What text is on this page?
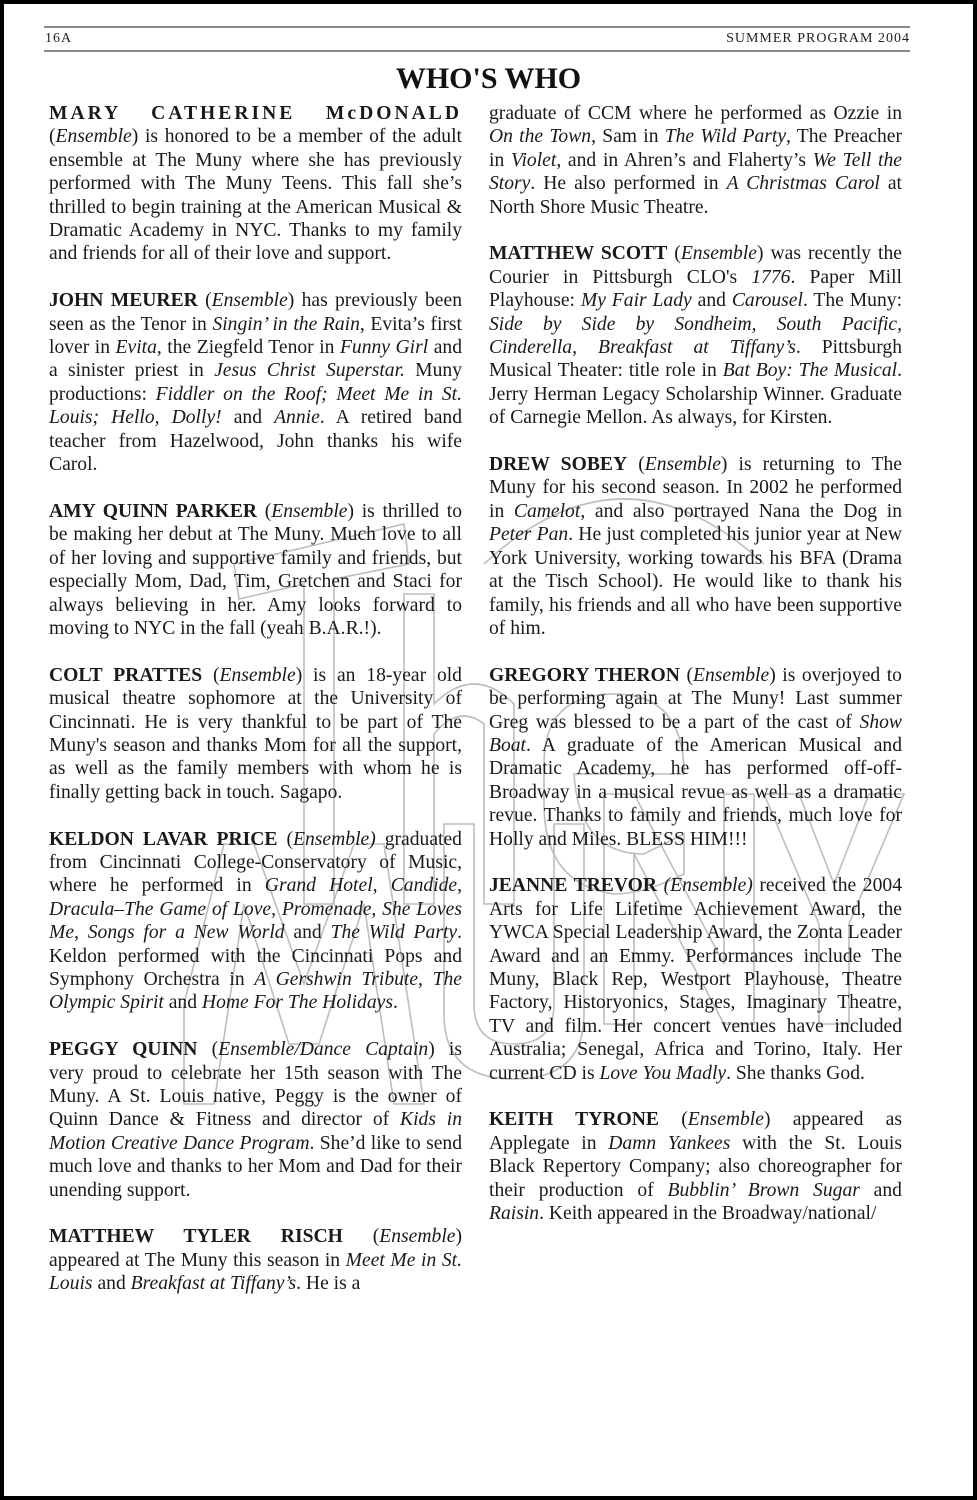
16A	SUMMER PROGRAM 2004
WHO'S WHO

MARY CATHERINE McDONALD (Ensemble) is honored to be a member of the adult ensemble at The Muny where she has previously performed with The Muny Teens. This fall she’s thrilled to begin training at the American Musical & Dramatic Academy in NYC. Thanks to my family and friends for all of their love and support.

JOHN MEURER (Ensemble) has previously been seen as the Tenor in Singin’ in the Rain, Evita’s first lover in Evita, the Ziegfeld Tenor in Funny Girl and a sinister priest in Jesus Christ Superstar. Muny productions: Fiddler on the Roof; Meet Me in St. Louis; Hello, Dolly! and Annie. A retired band teacher from Hazelwood, John thanks his wife Carol.

AMY QUINN PARKER (Ensemble) is thrilled to be making her debut at The Muny. Much love to all of her loving and supportive family and friends, but especially Mom, Dad, Tim, Gretchen and Staci for always believing in her. Amy looks forward to moving to NYC in the fall (yeah B.A.R.!).

COLT PRATTES (Ensemble) is an 18-year old musical theatre sophomore at the University of Cincinnati. He is very thankful to be part of The Muny's season and thanks Mom for all the support, as well as the family members with whom he is finally getting back in touch. Sagapo.

KELDON LAVAR PRICE (Ensemble) graduated from Cincinnati College-Conservatory of Music, where he performed in Grand Hotel, Candide, Dracula–The Game of Love, Promenade, She Loves Me, Songs for a New World and The Wild Party. Keldon performed with the Cincinnati Pops and Symphony Orchestra in A Gershwin Tribute, The Olympic Spirit and Home For The Holidays.

PEGGY QUINN (Ensemble/Dance Captain) is very proud to celebrate her 15th season with The Muny. A St. Louis native, Peggy is the owner of Quinn Dance & Fitness and director of Kids in Motion Creative Dance Program. She’d like to send much love and thanks to her Mom and Dad for their unending support.

MATTHEW TYLER RISCH (Ensemble) appeared at The Muny this season in Meet Me in St. Louis and Breakfast at Tiffany’s. He is a

graduate of CCM where he performed as Ozzie in On the Town, Sam in The Wild Party, The Preacher in Violet, and in Ahren’s and Flaherty’s We Tell the Story. He also performed in A Christmas Carol at North Shore Music Theatre.

MATTHEW SCOTT (Ensemble) was recently the Courier in Pittsburgh CLO's 1776. Paper Mill Playhouse: My Fair Lady and Carousel. The Muny: Side by Side by Sondheim, South Pacific, Cinderella, Breakfast at Tiffany’s. Pittsburgh Musical Theater: title role in Bat Boy: The Musical. Jerry Herman Legacy Scholarship Winner. Graduate of Carnegie Mellon. As always, for Kirsten.

DREW SOBEY (Ensemble) is returning to The Muny for his second season. In 2002 he performed in Camelot, and also portrayed Nana the Dog in Peter Pan. He just completed his junior year at New York University, working towards his BFA (Drama at the Tisch School). He would like to thank his family, his friends and all who have been supportive of him.

GREGORY THERON (Ensemble) is overjoyed to be performing again at The Muny! Last summer Greg was blessed to be a part of the cast of Show Boat. A graduate of the American Musical and Dramatic Academy, he has performed off-off-Broadway in a musical revue as well as a dramatic revue. Thanks to family and friends, much love for Holly and Miles. BLESS HIM!!!

JEANNE TREVOR (Ensemble) received the 2004 Arts for Life Lifetime Achievement Award, the YWCA Special Leadership Award, the Zonta Leader Award and an Emmy. Performances include The Muny, Black Rep, Westport Playhouse, Theatre Factory, Historyonics, Stages, Imaginary Theatre, TV and film. Her concert venues have included Australia; Senegal, Africa and Torino, Italy. Her current CD is Love You Madly. She thanks God.

KEITH TYRONE (Ensemble) appeared as Applegate in Damn Yankees with the St. Louis Black Repertory Company; also choreographer for their production of Bubblin’ Brown Sugar and Raisin. Keith appeared in the Broadway/national/
